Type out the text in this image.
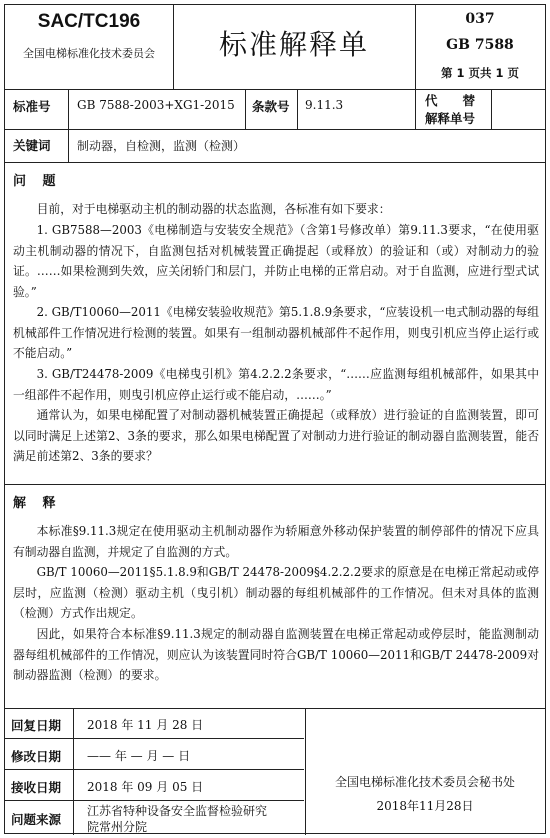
SAC/TC196
全国电梯标准化技术委员会	标准解释单
037
GB 7588
第 1 页共 1 页
标准号 GB 7588-2003+XG1-2015 条款号 9.11.3	代　　替
解释单号
关键词 制动器，自检测，监测（检测）
问 题
目前，对于电梯驱动主机的制动器的状态监测，各标准有如下要求：
1. GB7588—2003《电梯制造与安装安全规范》（含第1号修改单）第9.11.3要求，“在使用驱动主机制动器的情况下，自监测包括对机械装置正确提起（或释放）的验证和（或）对制动力的验证。……如果检测到失效，应关闭轿门和层门，并防止电梯的正常启动。对于自监测，应进行型式试验。”
2. GB/T10060—2011《电梯安装验收规范》第5.1.8.9条要求，“应装设机一电式制动器的每组机械部件工作情况进行检测的装置。如果有一组制动器机械部件不起作用，则曳引机应当停止运行或不能启动。”
3. GB/T24478-2009《电梯曳引机》第4.2.2.2条要求，“……应监测每组机械部件，如果其中一组部件不起作用，则曳引机应停止运行或不能启动，……。”
通常认为，如果电梯配置了对制动器机械装置正确提起（或释放）进行验证的自监测装置，即可以同时满足上述第2、3条的要求，那么如果电梯配置了对制动力进行验证的制动器自监测装置，能否满足前述第2、3条的要求？
解 释
本标准§9.11.3规定在使用驱动主机制动器作为轿厢意外移动保护装置的制停部件的情况下应具有制动器自监测，并规定了自监测的方式。
GB/T 10060—2011§5.1.8.9和GB/T 24478-2009§4.2.2.2要求的原意是在电梯正常起动或停层时，应监测（检测）驱动主机（曳引机）制动器的每组机械部件的工作情况。但未对具体的监测（检测）方式作出规定。
因此，如果符合本标准§9.11.3规定的制动器自监测装置在电梯正常起动或停层时，能监测制动器每组机械部件的工作情况，则应认为该装置同时符合GB/T 10060—2011和GB/T 24478-2009对制动器监测（检测）的要求。
回复日期 2018 年 11 月 28 日
修改日期 —— 年 — 月 — 日
接收日期 2018 年 09 月 05 日
问题来源
江苏省特种设备安全监督检验研究
院常州分院
全国电梯标准化技术委员会秘书处
2018年11月28日
